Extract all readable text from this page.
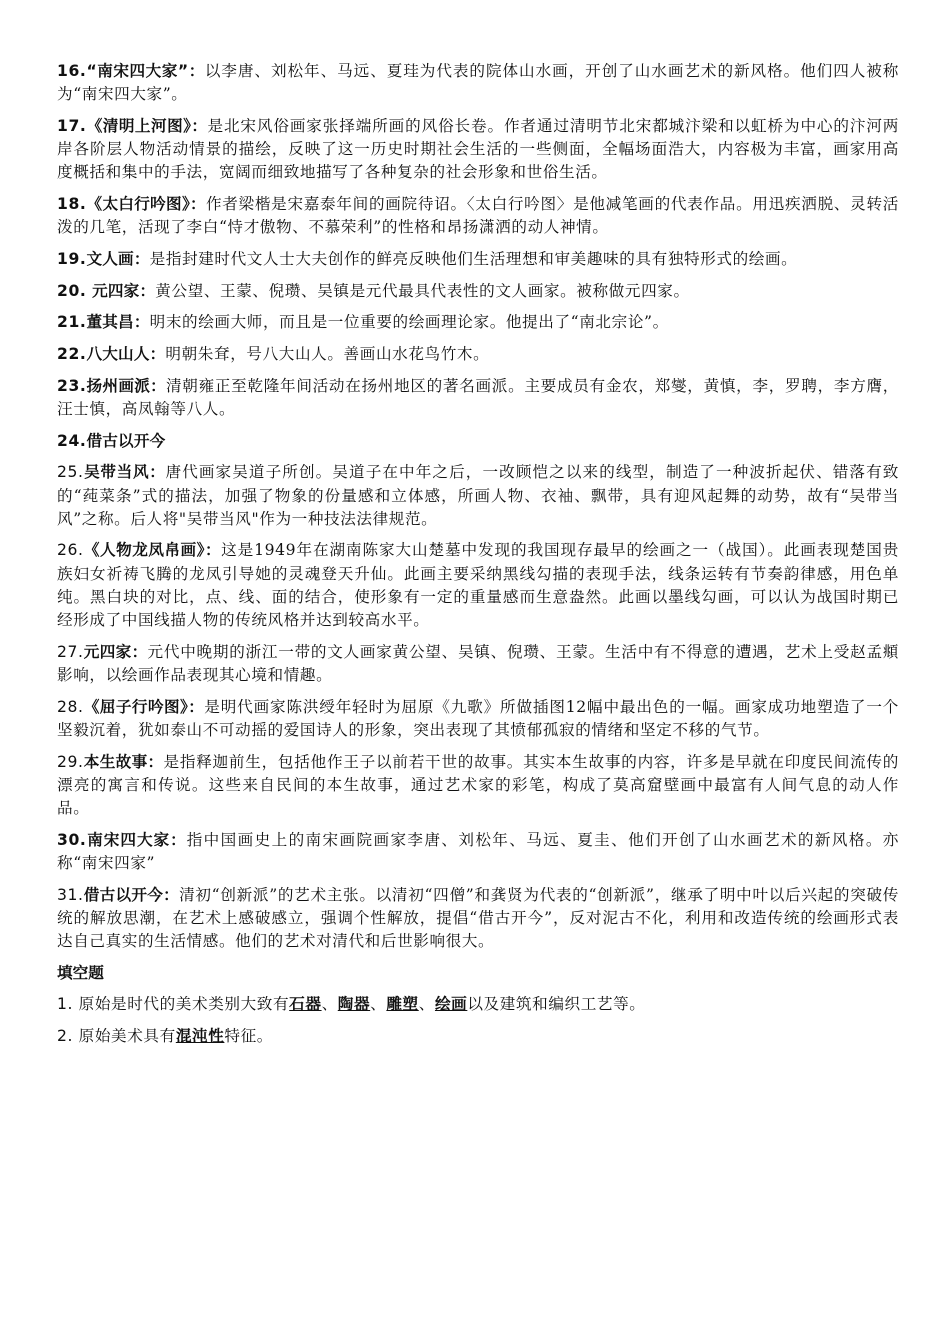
16.“南宋四大家”：以李唐、刘松年、马远、夏珪为代表的院体山水画，开创了山水画艺术的新风格。他们四人被称为“南宋四大家”。

17.《清明上河图》：是北宋风俗画家张择端所画的风俗长卷。作者通过清明节北宋都城汴梁和以虹桥为中心的汴河两岸各阶层人物活动情景的描绘，反映了这一历史时期社会生活的一些侧面，全幅场面浩大，内容极为丰富，画家用高度概括和集中的手法，宽阔而细致地描写了各种复杂的社会形象和世俗生活。

18.《太白行吟图》：作者梁楷是宋嘉泰年间的画院待诏。〈太白行吟图〉是他减笔画的代表作品。用迅疾洒脱、灵转活泼的几笔，活现了李白“恃才傲物、不慕荣利”的性格和昂扬潇洒的动人神情。

19.文人画：是指封建时代文人士大夫创作的鲜亮反映他们生活理想和审美趣味的具有独特形式的绘画。

20. 元四家：黄公望、王蒙、倪瓒、吴镇是元代最具代表性的文人画家。被称做元四家。

21.董其昌：明末的绘画大师，而且是一位重要的绘画理论家。他提出了“南北宗论”。

22.八大山人：明朝朱耷，号八大山人。善画山水花鸟竹木。

23.扬州画派：清朝雍正至乾隆年间活动在扬州地区的著名画派。主要成员有金农，郑燮，黄慎，李，罗聘，李方膺，汪士慎，高凤翰等八人。

24.借古以开今

25.吴带当风：唐代画家吴道子所创。吴道子在中年之后，一改顾恺之以来的线型，制造了一种波折起伏、错落有致的“莼菜条”式的描法，加强了物象的份量感和立体感，所画人物、衣袖、飘带，具有迎风起舞的动势，故有“吴带当风”之称。后人将"吴带当风"作为一种技法法律规范。

26.《人物龙凤帛画》：这是1949年在湖南陈家大山楚墓中发现的我国现存最早的绘画之一（战国）。此画表现楚国贵族妇女祈祷飞腾的龙凤引导她的灵魂登天升仙。此画主要采纳黑线勾描的表现手法，线条运转有节奏韵律感，用色单纯。黑白块的对比，点、线、面的结合，使形象有一定的重量感而生意盎然。此画以墨线勾画，可以认为战国时期已经形成了中国线描人物的传统风格并达到较高水平。

27.元四家：元代中晚期的浙江一带的文人画家黄公望、吴镇、倪瓒、王蒙。生活中有不得意的遭遇，艺术上受赵孟頫影响，以绘画作品表现其心境和情趣。

28.《屈子行吟图》：是明代画家陈洪绶年轻时为屈原《九歌》所做插图12幅中最出色的一幅。画家成功地塑造了一个坚毅沉着，犹如泰山不可动摇的爱国诗人的形象，突出表现了其愤郁孤寂的情绪和坚定不移的气节。

29.本生故事：是指释迦前生，包括他作王子以前若干世的故事。其实本生故事的内容，许多是早就在印度民间流传的漂亮的寓言和传说。这些来自民间的本生故事，通过艺术家的彩笔，构成了莫高窟壁画中最富有人间气息的动人作品。

30.南宋四大家：指中国画史上的南宋画院画家李唐、刘松年、马远、夏圭、他们开创了山水画艺术的新风格。亦称“南宋四家”

31.借古以开今：清初“创新派”的艺术主张。以清初“四僧”和龚贤为代表的“创新派”，继承了明中叶以后兴起的突破传统的解放思潮，在艺术上感破感立，强调个性解放，提倡“借古开今”，反对泥古不化，利用和改造传统的绘画形式表达自己真实的生活情感。他们的艺术对清代和后世影响很大。

填空题

1. 原始是时代的美术类别大致有石器、陶器、雕塑、绘画以及建筑和编织工艺等。

2. 原始美术具有混沌性特征。
